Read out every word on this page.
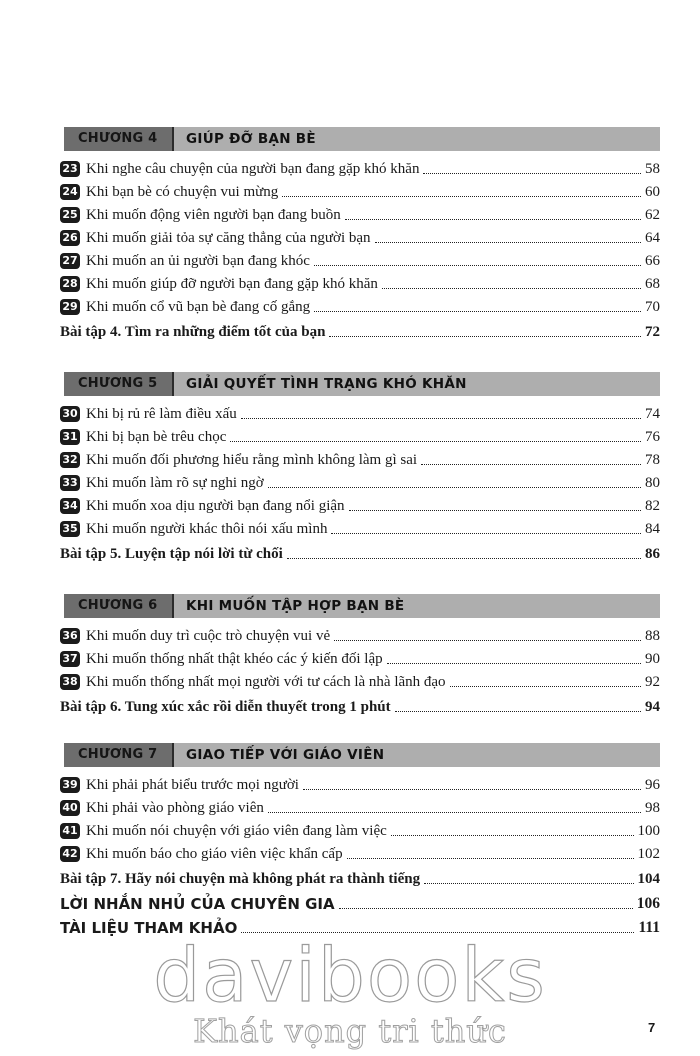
CHƯƠNG 4	GIÚP ĐỠ BẠN BÈ
23 Khi nghe câu chuyện của người bạn đang gặp khó khăn	58
24 Khi bạn bè có chuyện vui mừng	60
25 Khi muốn động viên người bạn đang buồn	62
26 Khi muốn giải tỏa sự căng thẳng của người bạn	64
27 Khi muốn an ủi người bạn đang khóc	66
28 Khi muốn giúp đỡ người bạn đang gặp khó khăn	68
29 Khi muốn cổ vũ bạn bè đang cố gắng	70
Bài tập 4. Tìm ra những điểm tốt của bạn	72
CHƯƠNG 5	GIẢI QUYẾT TÌNH TRẠNG KHÓ KHĂN
30 Khi bị rủ rê làm điều xấu	74
31 Khi bị bạn bè trêu chọc	76
32 Khi muốn đối phương hiểu rằng mình không làm gì sai	78
33 Khi muốn làm rõ sự nghi ngờ	80
34 Khi muốn xoa dịu người bạn đang nổi giận	82
35 Khi muốn người khác thôi nói xấu mình	84
Bài tập 5. Luyện tập nói lời từ chối	86
CHƯƠNG 6	KHI MUỐN TẬP HỢP BẠN BÈ
36 Khi muốn duy trì cuộc trò chuyện vui vẻ	88
37 Khi muốn thống nhất thật khéo các ý kiến đối lập	90
38 Khi muốn thống nhất mọi người với tư cách là nhà lãnh đạo	92
Bài tập 6. Tung xúc xắc rồi diễn thuyết trong 1 phút	94
CHƯƠNG 7	GIAO TIẾP VỚI GIÁO VIÊN
39 Khi phải phát biểu trước mọi người	96
40 Khi phải vào phòng giáo viên	98
41 Khi muốn nói chuyện với giáo viên đang làm việc	100
42 Khi muốn báo cho giáo viên việc khẩn cấp	102
Bài tập 7. Hãy nói chuyện mà không phát ra thành tiếng	104
LỜI NHẮN NHỦ CỦA CHUYÊN GIA	106
TÀI LIỆU THAM KHẢO	111
davibooks
Khát vọng tri thức	7
